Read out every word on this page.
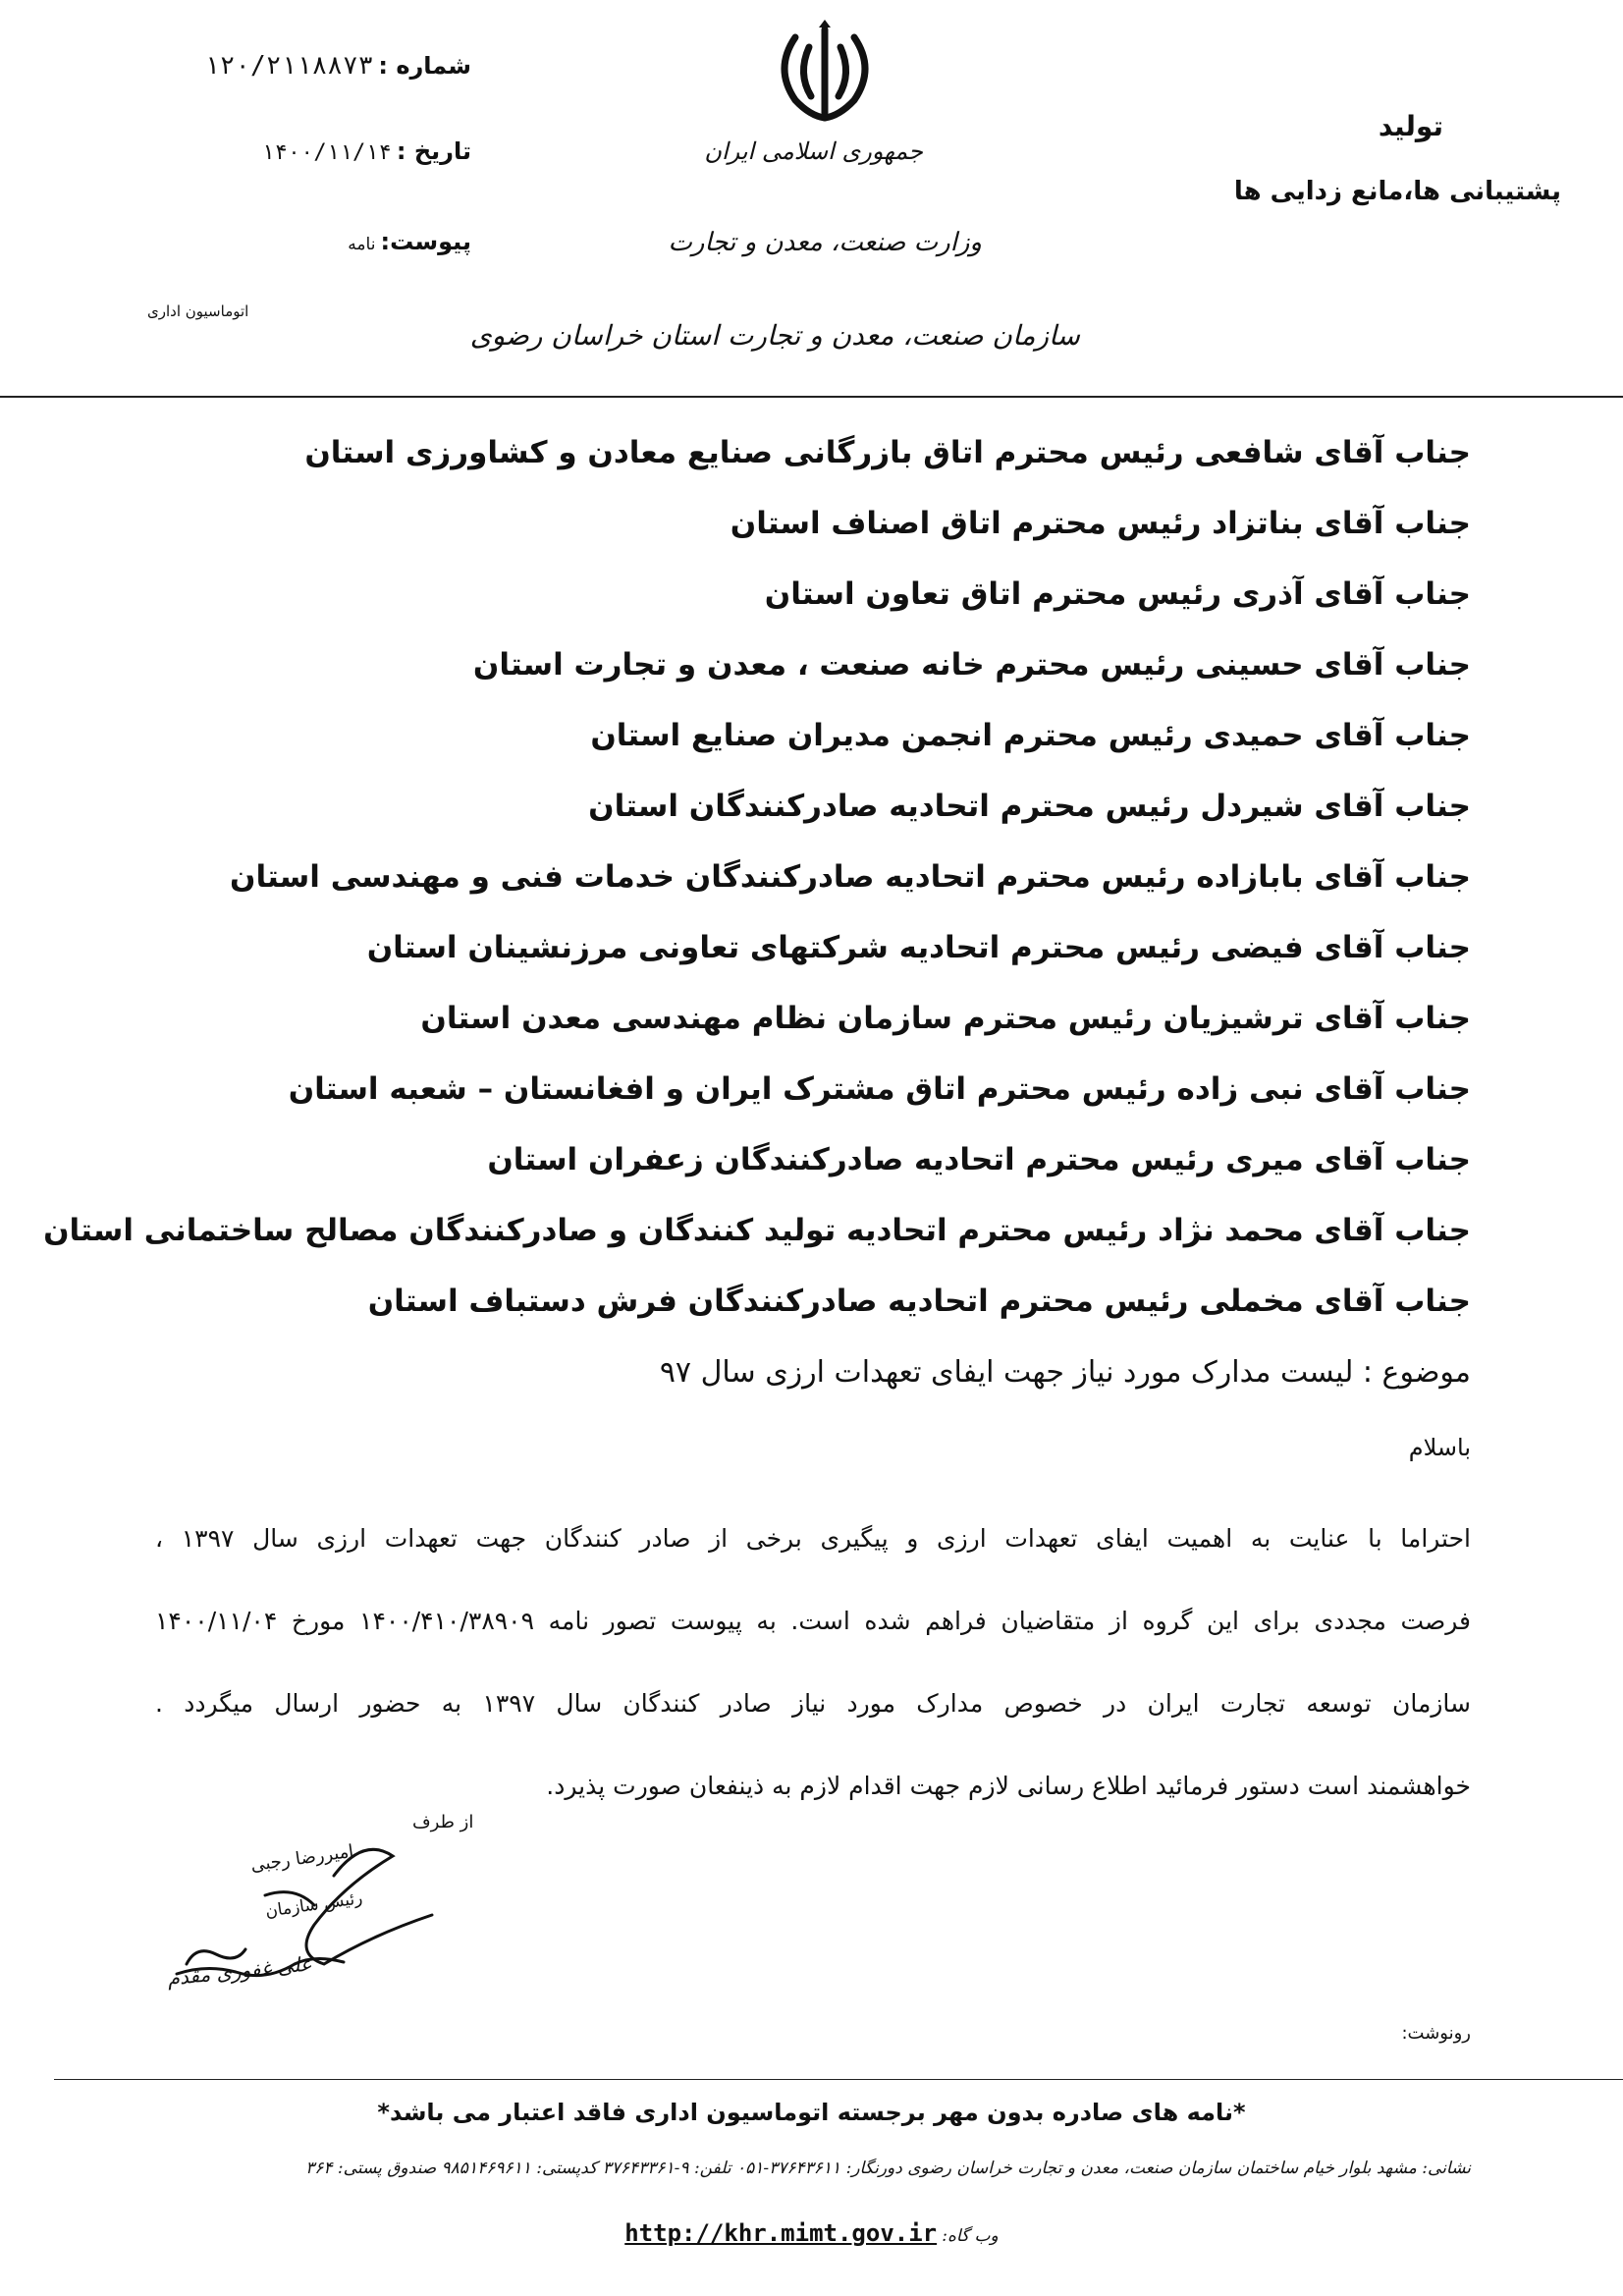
شماره : ۱۲۰/۲۱۱۸۸۷۳
تاریخ : ۱۴۰۰/۱۱/۱۴
پیوست: نامه
اتوماسیون اداری
جمهوری اسلامی ایران
وزارت صنعت، معدن و تجارت
سازمان صنعت، معدن و تجارت استان خراسان رضوی
تولید
پشتیبانی ها،مانع زدایی ها
جناب آقای شافعی رئیس محترم اتاق بازرگانی صنایع معادن و کشاورزی استان
جناب آقای بناتزاد رئیس محترم اتاق اصناف استان
جناب آقای آذری رئیس محترم اتاق تعاون استان
جناب آقای حسینی رئیس محترم خانه صنعت ، معدن و تجارت استان
جناب آقای حمیدی رئیس محترم انجمن مدیران صنایع استان
جناب آقای شیردل رئیس محترم اتحادیه صادرکنندگان استان
جناب آقای بابازاده رئیس محترم اتحادیه صادرکنندگان خدمات فنی و مهندسی استان
جناب آقای فیضی رئیس محترم اتحادیه شرکتهای تعاونی مرزنشینان استان
جناب آقای ترشیزیان رئیس محترم سازمان نظام مهندسی معدن استان
جناب آقای نبی زاده رئیس محترم اتاق مشترک ایران و افغانستان – شعبه استان
جناب آقای میری رئیس محترم اتحادیه صادرکنندگان زعفران استان
جناب آقای محمد نژاد رئیس محترم اتحادیه تولید کنندگان و صادرکنندگان مصالح ساختمانی استان
جناب آقای مخملی رئیس محترم اتحادیه صادرکنندگان فرش دستباف استان
موضوع : لیست مدارک مورد نیاز جهت ایفای تعهدات ارزی سال ۹۷
باسلام
احتراما با عنایت به اهمیت ایفای تعهدات ارزی و پیگیری برخی از صادر کنندگان جهت تعهدات ارزی سال ۱۳۹۷ ،
فرصت مجددی برای این گروه از متقاضیان فراهم شده است. به پیوست تصور نامه ۱۴۰۰/۴۱۰/۳۸۹۰۹ مورخ ۱۴۰۰/۱۱/۰۴
سازمان توسعه تجارت ایران در خصوص مدارک مورد نیاز صادر کنندگان سال ۱۳۹۷ به حضور ارسال میگردد .
خواهشمند است دستور فرمائید اطلاع رسانی لازم جهت اقدام لازم به ذینفعان صورت پذیرد.
از طرف
امیررضا رجبی
رئیس سازمان
علی غفوری مقدم
رونوشت:
*نامه های صادره بدون مهر برجسته اتوماسیون اداری فاقد اعتبار می باشد*
نشانی: مشهد بلوار خیام ساختمان سازمان صنعت، معدن و تجارت خراسان رضوی دورنگار: ۳۷۶۴۳۶۱۱-۰۵۱ تلفن: ۹-۳۷۶۴۳۳۶۱ کدپستی: ۹۸۵۱۴۶۹۶۱۱ صندوق پستی: ۳۶۴
وب گاه: http://khr.mimt.gov.ir
